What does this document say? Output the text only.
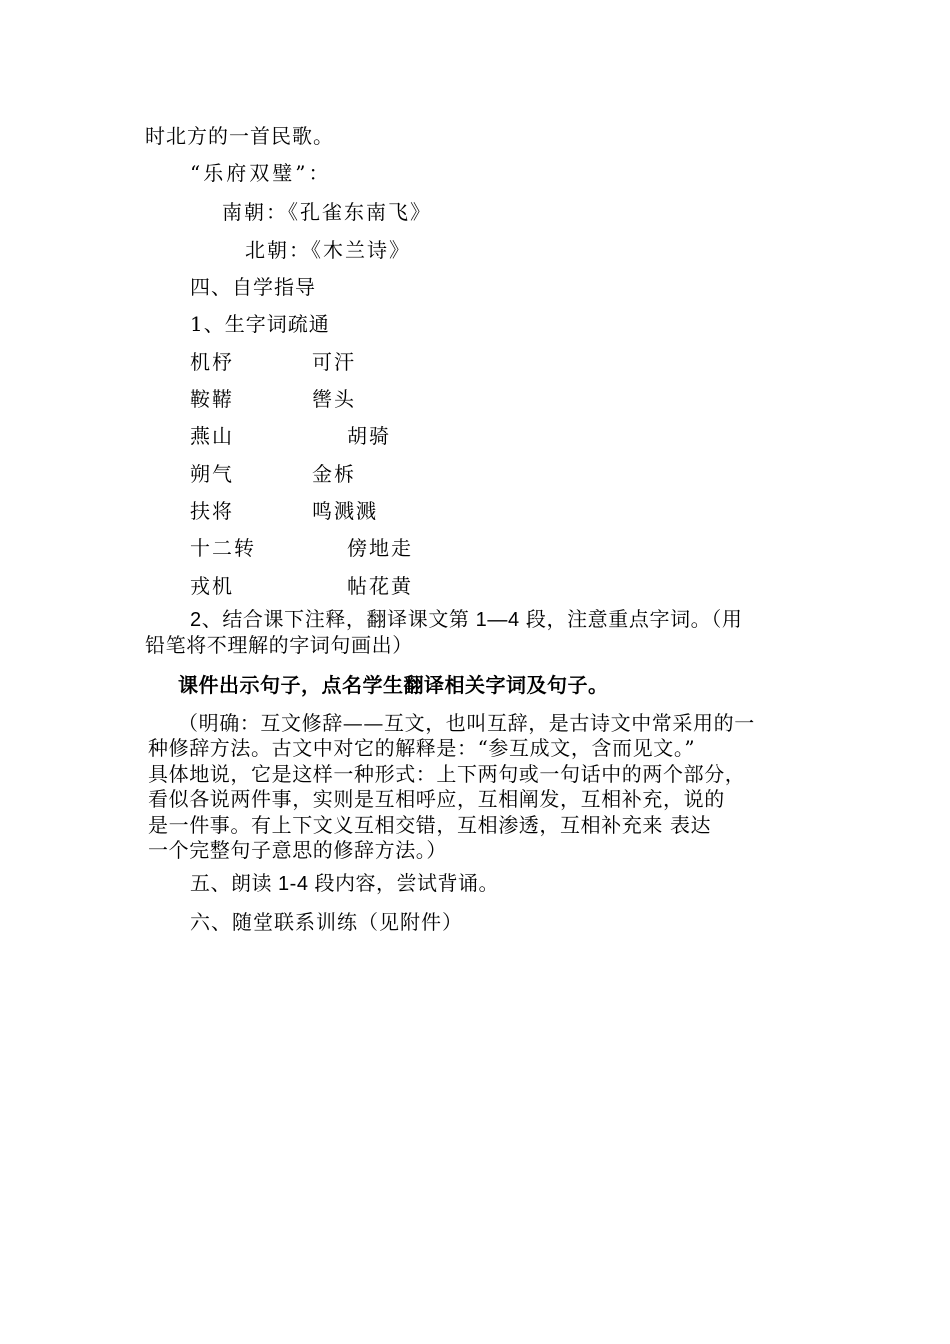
时北方的一首民歌。
“乐府双璧”：
南朝：《孔雀东南飞》
北朝：《木兰诗》
四、自学指导
1、生字词疏通
机杼	可汗
鞍鞯	辔头
燕山	胡骑
朔气	金柝
扶将	鸣溅溅
十二转	傍地走
戎机	帖花黄
2、结合课下注释，翻译课文第 1—4 段，注意重点字词。（用
铅笔将不理解的字词句画出）
课件出示句子，点名学生翻译相关字词及句子。
（明确：互文修辞——互文，也叫互辞，是古诗文中常采用的一
种修辞方法。古文中对它的解释是：“参互成文，含而见文。”
具体地说，它是这样一种形式：上下两句或一句话中的两个部分，
看似各说两件事，实则是互相呼应，互相阐发，互相补充，说的
是一件事。有上下文义互相交错，互相渗透，互相补充来 表达
一个完整句子意思的修辞方法。）
五、朗读 1-4 段内容，尝试背诵。
六、随堂联系训练（见附件）
